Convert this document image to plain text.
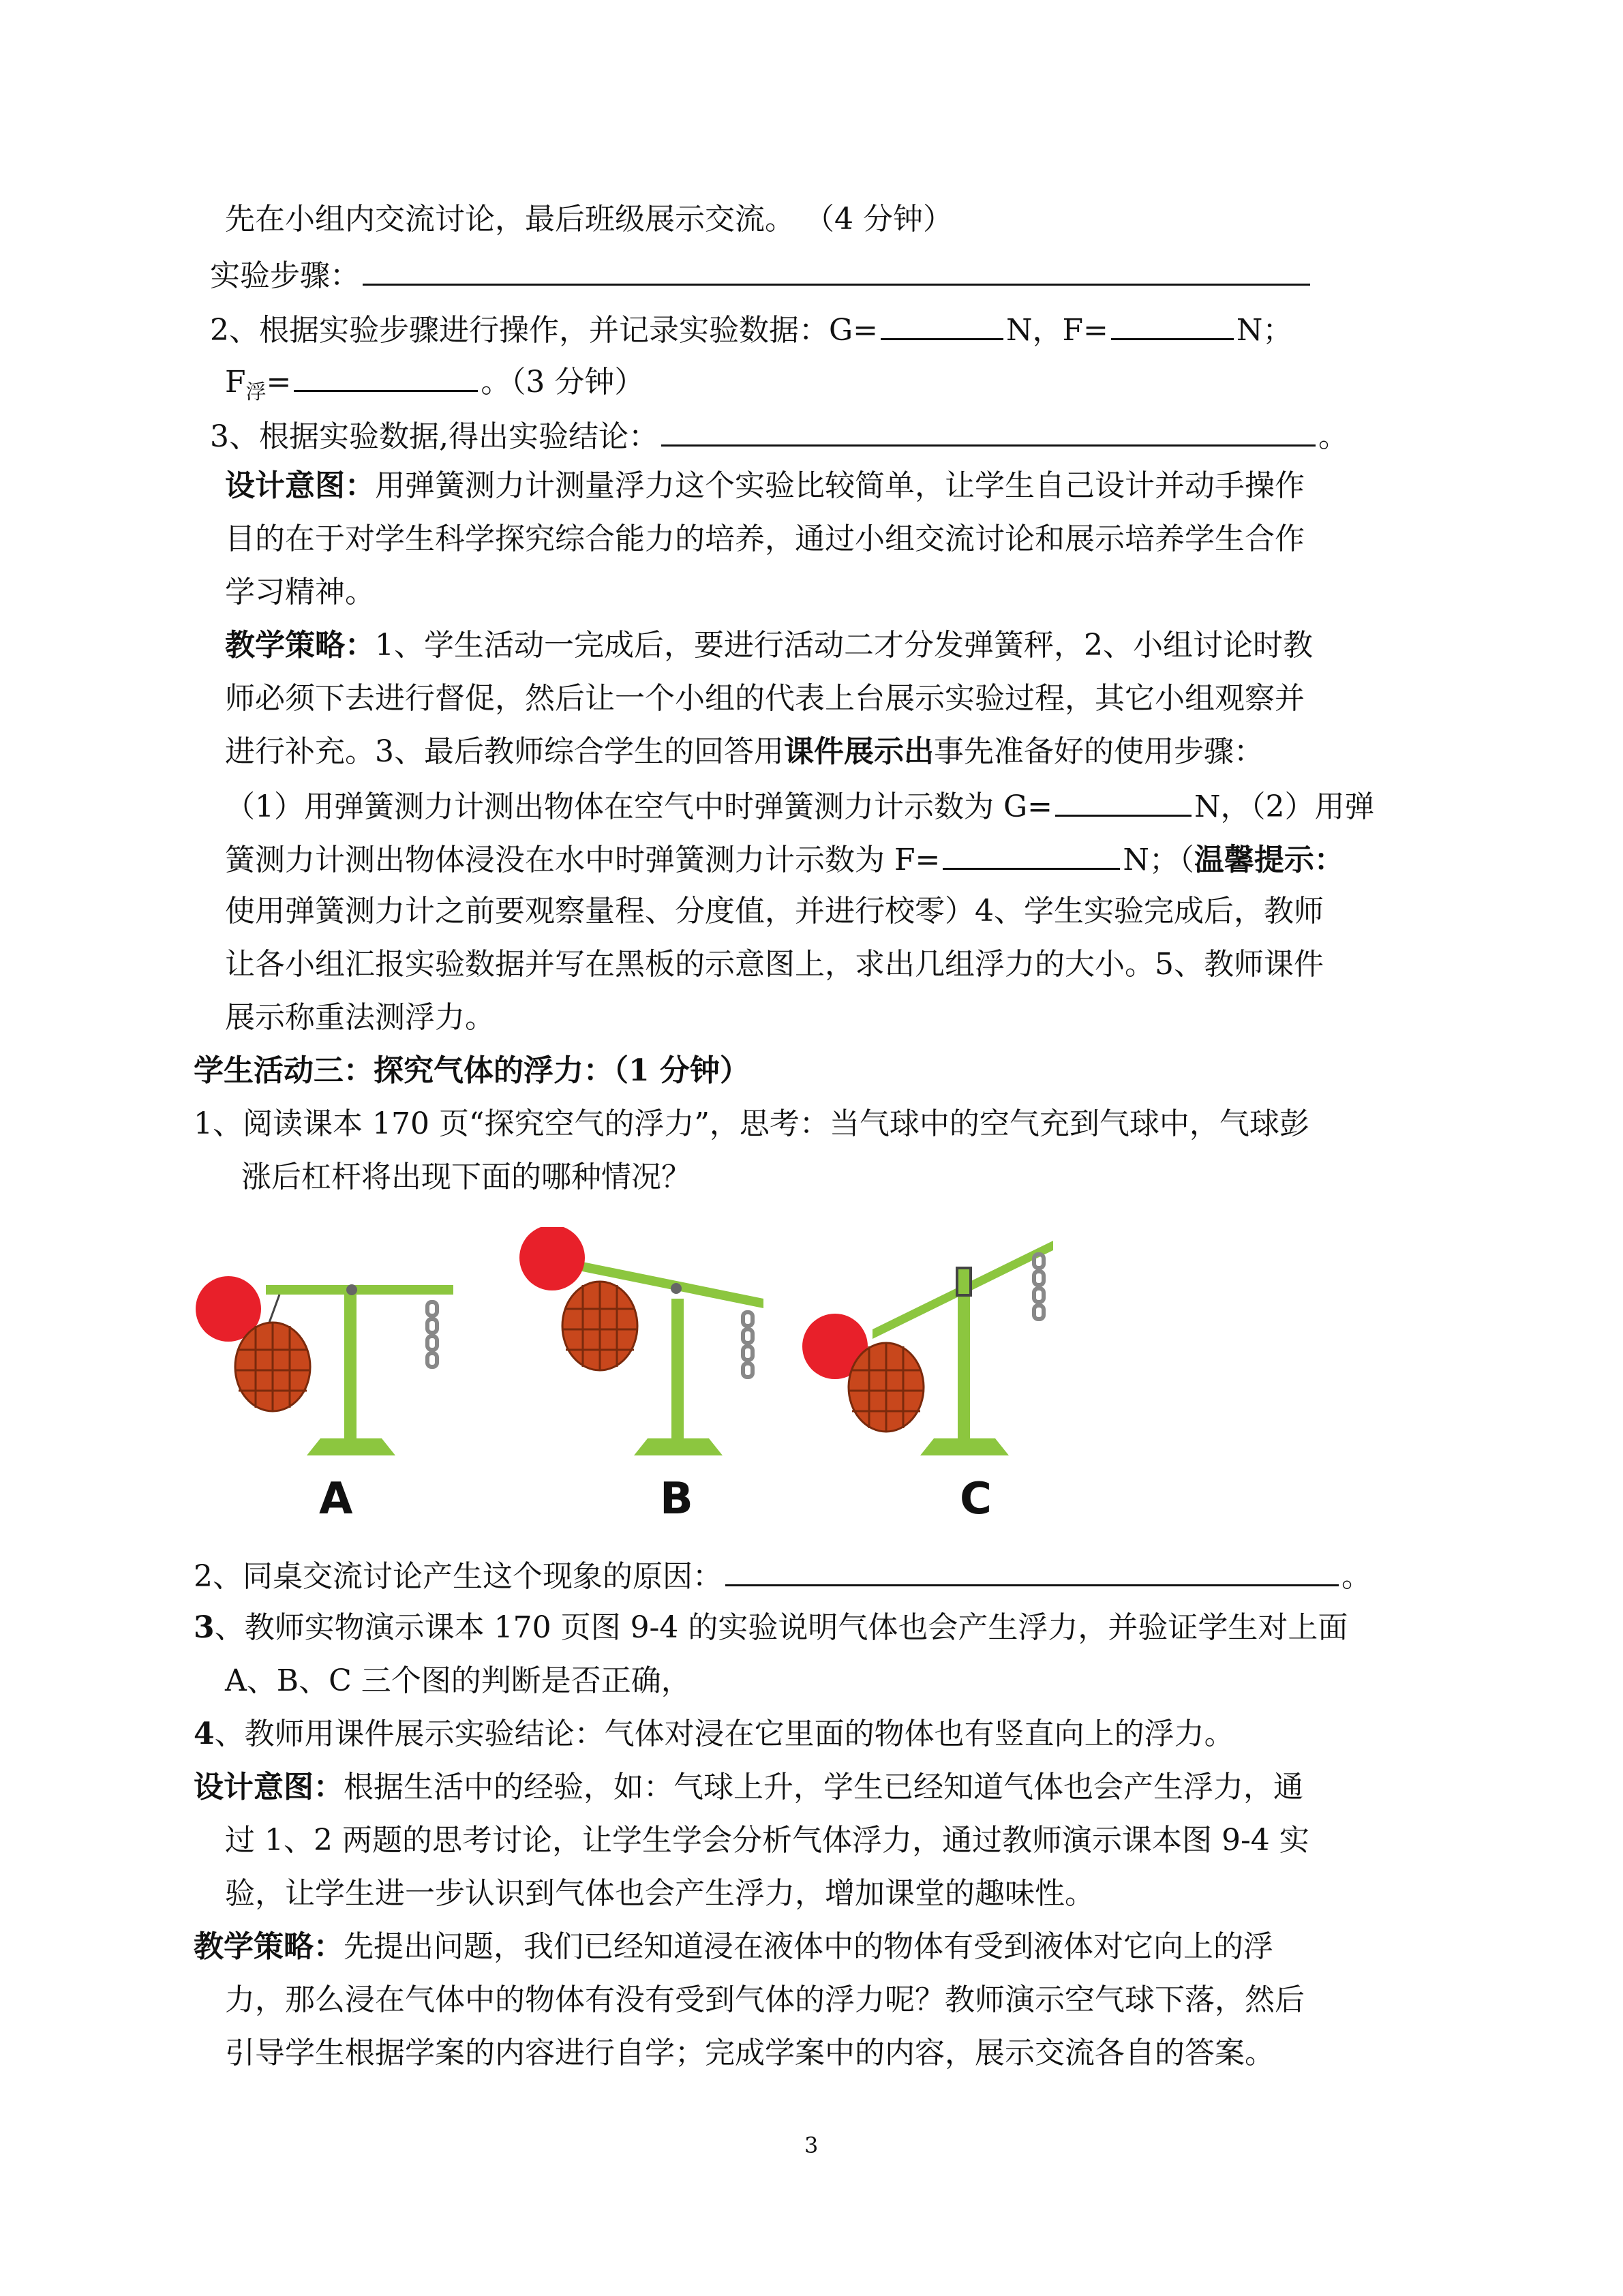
先在小组内交流讨论，最后班级展示交流。 （4 分钟）
实验步骤：
2、根据实验步骤进行操作，并记录实验数据：G=	N，F=	N；
$F_浮=$	。（3 分钟）
3、根据实验数据,得出实验结论：	。
设计意图：用弹簧测力计测量浮力这个实验比较简单，让学生自己设计并动手操作
目的在于对学生科学探究综合能力的培养，通过小组交流讨论和展示培养学生合作
学习精神。
教学策略：1、学生活动一完成后，要进行活动二才分发弹簧秤，2、小组讨论时教
师必须下去进行督促，然后让一个小组的代表上台展示实验过程，其它小组观察并
进行补充。3、最后教师综合学生的回答用课件展示出事先准备好的使用步骤：
（1）用弹簧测力计测出物体在空气中时弹簧测力计示数为 G=	N，（2）用弹
簧测力计测出物体浸没在水中时弹簧测力计示数为 F=	N；（温馨提示：
使用弹簧测力计之前要观察量程、分度值，并进行校零）4、学生实验完成后，教师
让各小组汇报实验数据并写在黑板的示意图上，求出几组浮力的大小。5、教师课件
展示称重法测浮力。
学生活动三：探究气体的浮力：（1 分钟）
1、阅读课本 170 页“探究空气的浮力”，思考：当气球中的空气充到气球中，气球彭
涨后杠杆将出现下面的哪种情况？
A	B	C
2、同桌交流讨论产生这个现象的原因：	。
3、教师实物演示课本 170 页图 9-4 的实验说明气体也会产生浮力，并验证学生对上面
A、B、C 三个图的判断是否正确，
4、教师用课件展示实验结论：气体对浸在它里面的物体也有竖直向上的浮力。
设计意图：根据生活中的经验，如：气球上升，学生已经知道气体也会产生浮力，通
过 1、2 两题的思考讨论，让学生学会分析气体浮力，通过教师演示课本图 9-4 实
验，让学生进一步认识到气体也会产生浮力，增加课堂的趣味性。
教学策略：先提出问题，我们已经知道浸在液体中的物体有受到液体对它向上的浮
力，那么浸在气体中的物体有没有受到气体的浮力呢？教师演示空气球下落，然后
引导学生根据学案的内容进行自学；完成学案中的内容，展示交流各自的答案。
3
